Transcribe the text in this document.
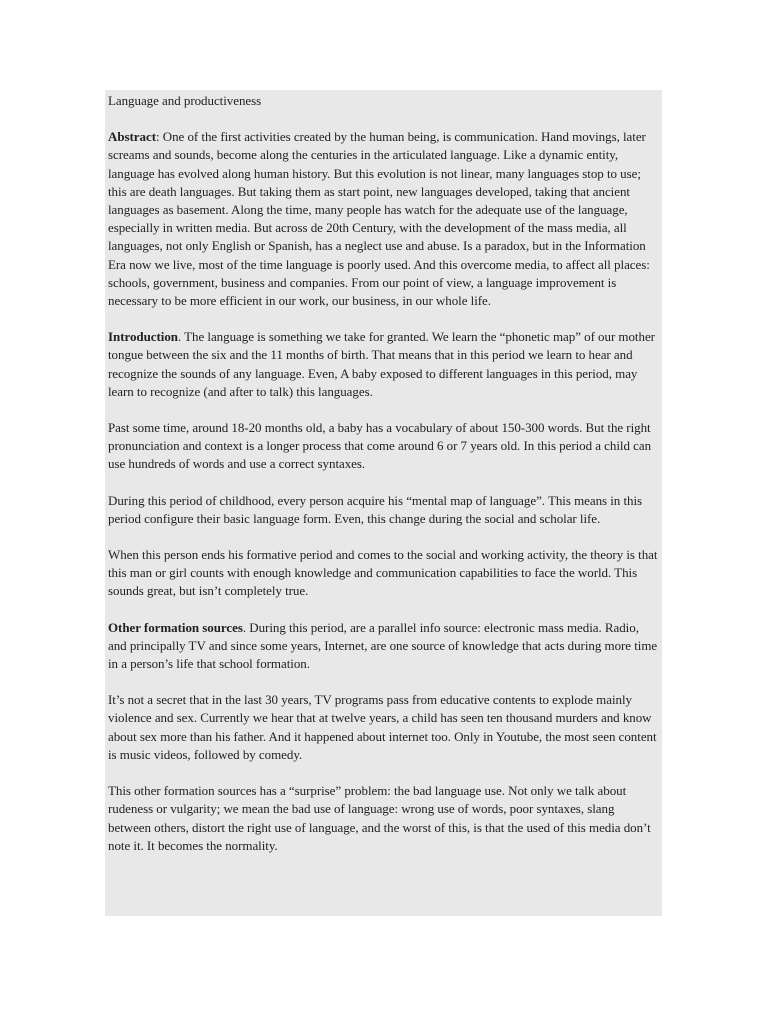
Language and productiveness

Abstract: One of the first activities created by the human being, is communication. Hand movings, later screams and sounds, become along the centuries in the articulated language. Like a dynamic entity, language has evolved along human history. But this evolution is not linear, many languages stop to use; this are death languages. But taking them as start point, new languages developed, taking that ancient languages as basement. Along the time, many people has watch for the adequate use of the language, especially in written media. But across de 20th Century, with the development of the mass media, all languages, not only English or Spanish, has a neglect use and abuse. Is a paradox, but in the Information Era now we live, most of the time language is poorly used. And this overcome media, to affect all places: schools, government, business and companies. From our point of view, a language improvement is necessary to be more efficient in our work, our business, in our whole life.

Introduction. The language is something we take for granted. We learn the “phonetic map” of our mother tongue between the six and the 11 months of birth. That means that in this period we learn to hear and recognize the sounds of any language. Even, A baby exposed to different languages in this period, may learn to recognize (and after to talk) this languages.

Past some time, around 18-20 months old, a baby has a vocabulary of about 150-300 words. But the right pronunciation and context is a longer process that come around 6 or 7 years old. In this period a child can use hundreds of words and use a correct syntaxes.

During this period of childhood, every person acquire his “mental map of language”. This means in this period configure their basic language form. Even, this change during the social and scholar life.

When this person ends his formative period and comes to the social and working activity, the theory is that this man or girl counts with enough knowledge and communication capabilities to face the world. This sounds great, but isn’t completely true.

Other formation sources. During this period, are a parallel info source: electronic mass media. Radio, and principally TV and since some years, Internet, are one source of knowledge that acts during more time in a person’s life that school formation.

It’s not a secret that in the last 30 years, TV programs pass from educative contents to explode mainly violence and sex. Currently we hear that at twelve years, a child has seen ten thousand murders and know about sex more than his father. And it happened about internet too. Only in Youtube, the most seen content is music videos, followed by comedy.

This other formation sources has a “surprise” problem: the bad language use. Not only we talk about rudeness or vulgarity; we mean the bad use of language: wrong use of words, poor syntaxes, slang between others, distort the right use of language, and the worst of this, is that the used of this media don’t note it. It becomes the normality.
